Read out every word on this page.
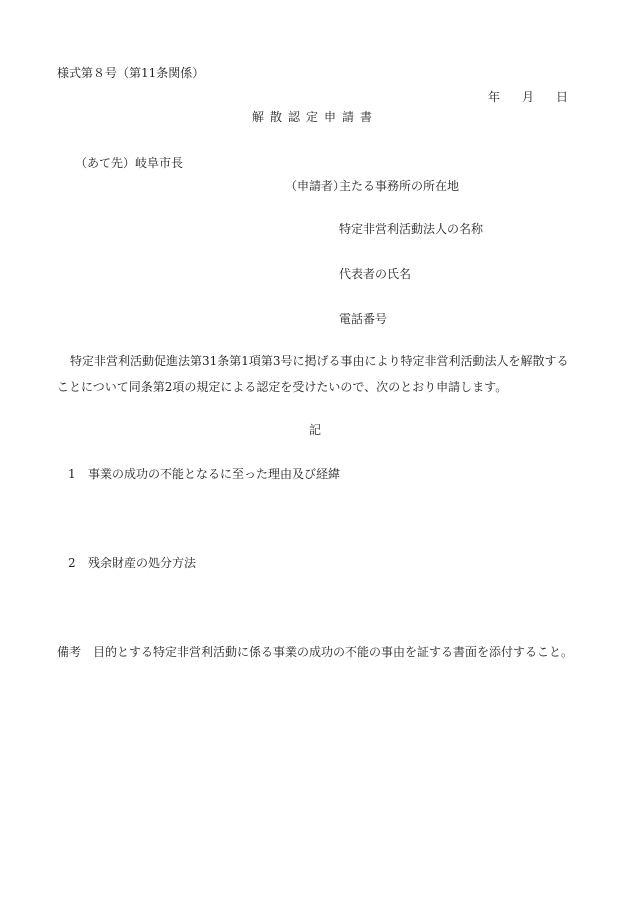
様式第８号（第11条関係）
年 月 日
解散認定申請書
（あて先）岐阜市長
（申請者）
主たる事務所の所在地
特定非営利活動法人の名称
代表者の氏名
電話番号
特定非営利活動促進法第31条第1項第3号に掲げる事由により特定非営利活動法人を解散する
ことについて同条第2項の規定による認定を受けたいので、次のとおり申請します。
記
1 事業の成功の不能となるに至った理由及び経緯
2 残余財産の処分方法
備考 目的とする特定非営利活動に係る事業の成功の不能の事由を証する書面を添付すること。
